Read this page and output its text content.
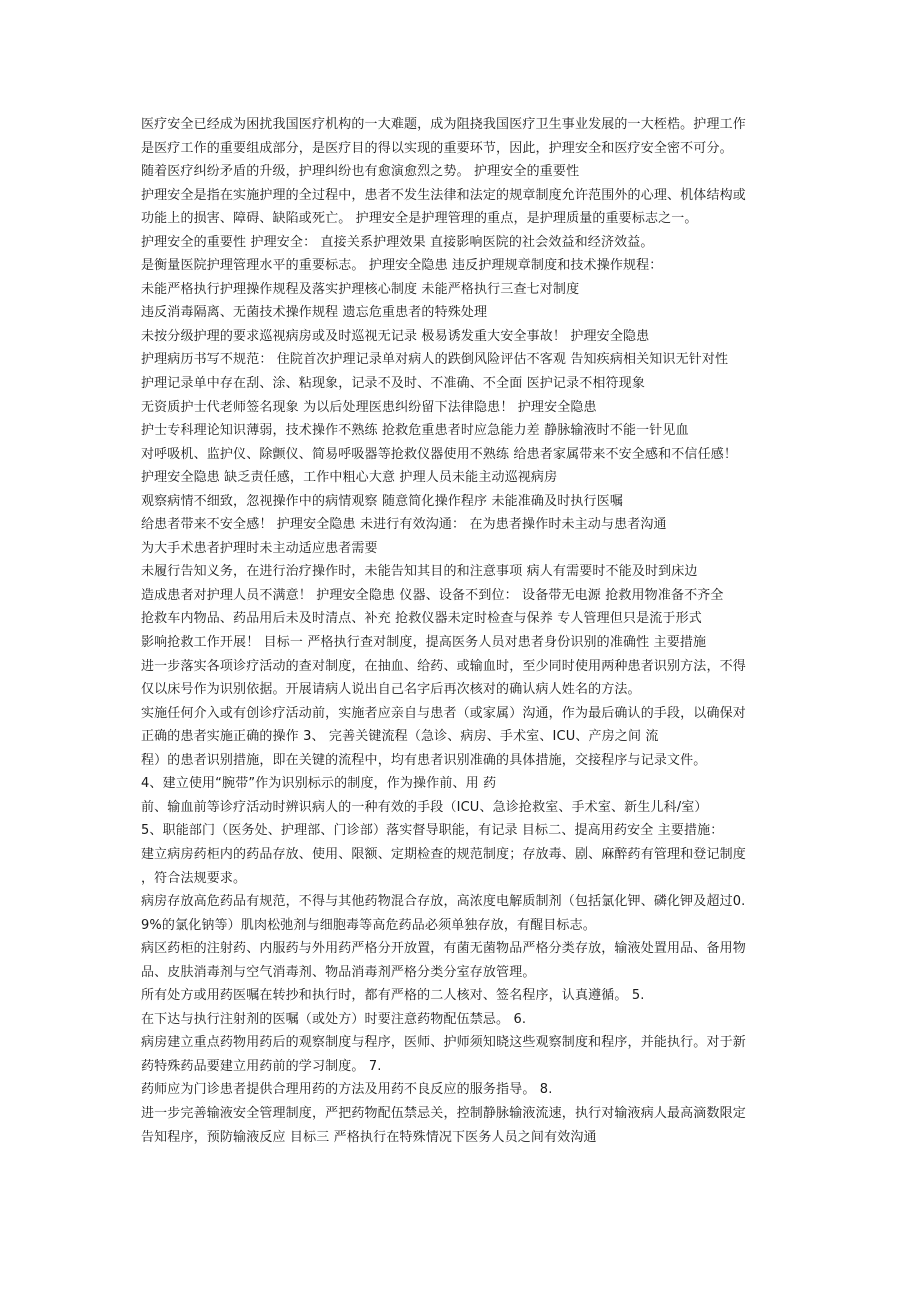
医疗安全已经成为困扰我国医疗机构的一大难题，成为阻挠我国医疗卫生事业发展的一大桎梏。护理工作
是医疗工作的重要组成部分，是医疗目的得以实现的重要环节，因此，护理安全和医疗安全密不可分。
随着医疗纠纷矛盾的升级，护理纠纷也有愈演愈烈之势。 护理安全的重要性
护理安全是指在实施护理的全过程中，患者不发生法律和法定的规章制度允许范围外的心理、机体结构或
功能上的损害、障碍、缺陷或死亡。 护理安全是护理管理的重点，是护理质量的重要标志之一。
护理安全的重要性 护理安全： 直接关系护理效果 直接影响医院的社会效益和经济效益。
是衡量医院护理管理水平的重要标志。 护理安全隐患 违反护理规章制度和技术操作规程：
未能严格执行护理操作规程及落实护理核心制度 未能严格执行三查七对制度
违反消毒隔离、无菌技术操作规程 遗忘危重患者的特殊处理
未按分级护理的要求巡视病房或及时巡视无记录 极易诱发重大安全事故！ 护理安全隐患
护理病历书写不规范： 住院首次护理记录单对病人的跌倒风险评估不客观 告知疾病相关知识无针对性
护理记录单中存在刮、涂、粘现象，记录不及时、不准确、不全面 医护记录不相符现象
无资质护士代老师签名现象 为以后处理医患纠纷留下法律隐患！ 护理安全隐患
护士专科理论知识薄弱，技术操作不熟练 抢救危重患者时应急能力差 静脉输液时不能一针见血
对呼吸机、监护仪、除颤仪、简易呼吸器等抢救仪器使用不熟练 给患者家属带来不安全感和不信任感！
护理安全隐患 缺乏责任感，工作中粗心大意 护理人员未能主动巡视病房
观察病情不细致，忽视操作中的病情观察 随意简化操作程序 未能准确及时执行医嘱
给患者带来不安全感！ 护理安全隐患 未进行有效沟通： 在为患者操作时未主动与患者沟通
为大手术患者护理时未主动适应患者需要
未履行告知义务，在进行治疗操作时，未能告知其目的和注意事项 病人有需要时不能及时到床边
造成患者对护理人员不满意！ 护理安全隐患 仪器、设备不到位： 设备带无电源 抢救用物准备不齐全
抢救车内物品、药品用后未及时清点、补充 抢救仪器未定时检查与保养 专人管理但只是流于形式
影响抢救工作开展！ 目标一 严格执行查对制度，提高医务人员对患者身份识别的准确性 主要措施
进一步落实各项诊疗活动的查对制度，在抽血、给药、或输血时，至少同时使用两种患者识别方法，不得
仅以床号作为识别依据。开展请病人说出自己名字后再次核对的确认病人姓名的方法。
实施任何介入或有创诊疗活动前，实施者应亲自与患者（或家属）沟通，作为最后确认的手段，以确保对
正确的患者实施正确的操作 3、 完善关键流程（急诊、病房、手术室、ICU、产房之间 流
程）的患者识别措施，即在关键的流程中，均有患者识别准确的具体措施，交接程序与记录文件。
4、建立使用“腕带”作为识别标示的制度，作为操作前、用 药
前、输血前等诊疗活动时辨识病人的一种有效的手段（ICU、急诊抢救室、手术室、新生儿科/室）
5、职能部门（医务处、护理部、门诊部）落实督导职能，有记录 目标二、提高用药安全 主要措施：
建立病房药柜内的药品存放、使用、限额、定期检查的规范制度；存放毒、剧、麻醉药有管理和登记制度
，符合法规要求。
病房存放高危药品有规范，不得与其他药物混合存放，高浓度电解质制剂（包括氯化钾、磷化钾及超过0.
9%的氯化钠等）肌肉松弛剂与细胞毒等高危药品必须单独存放，有醒目标志。
病区药柜的注射药、内服药与外用药严格分开放置，有菌无菌物品严格分类存放，输液处置用品、备用物
品、皮肤消毒剂与空气消毒剂、物品消毒剂严格分类分室存放管理。
所有处方或用药医嘱在转抄和执行时，都有严格的二人核对、签名程序，认真遵循。 5.
在下达与执行注射剂的医嘱（或处方）时要注意药物配伍禁忌。 6.
病房建立重点药物用药后的观察制度与程序，医师、护师须知晓这些观察制度和程序，并能执行。对于新
药特殊药品要建立用药前的学习制度。 7.
药师应为门诊患者提供合理用药的方法及用药不良反应的服务指导。 8.
进一步完善输液安全管理制度，严把药物配伍禁忌关，控制静脉输液流速，执行对输液病人最高滴数限定
告知程序，预防输液反应 目标三 严格执行在特殊情况下医务人员之间有效沟通
